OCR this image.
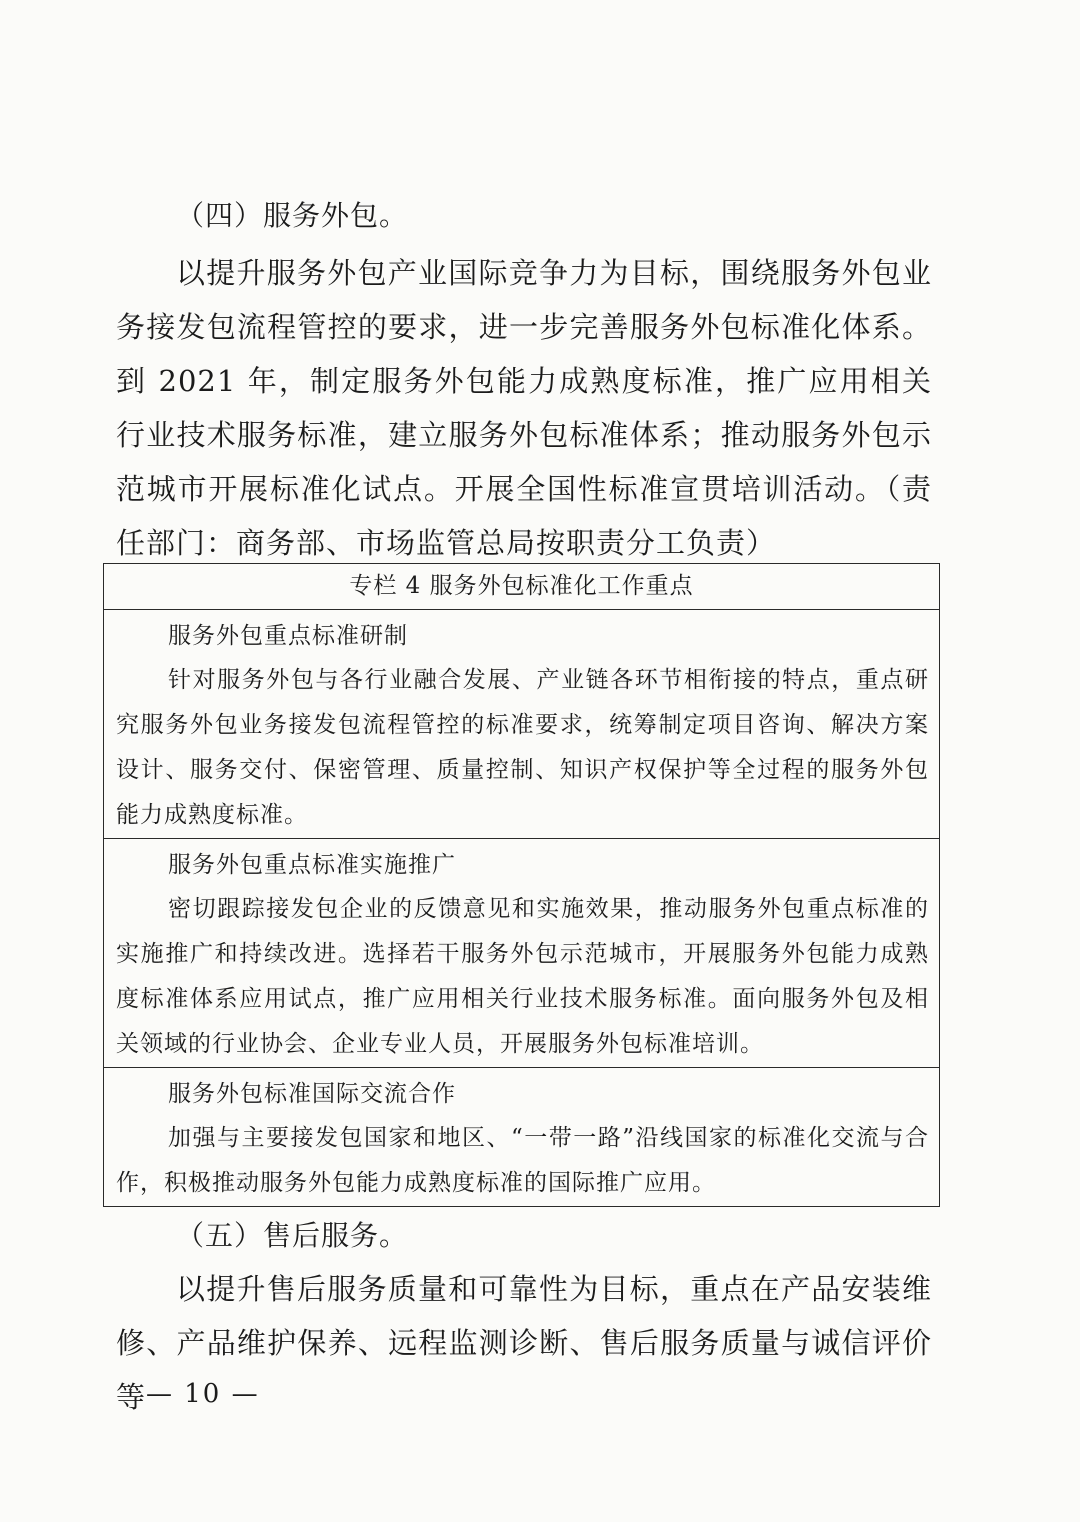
（四）服务外包。

以提升服务外包产业国际竞争力为目标，围绕服务外包业务接发包流程管控的要求，进一步完善服务外包标准化体系。到 2021 年，制定服务外包能力成熟度标准，推广应用相关行业技术服务标准，建立服务外包标准体系；推动服务外包示范城市开展标准化试点。开展全国性标准宣贯培训活动。（责任部门：商务部、市场监管总局按职责分工负责）

专栏 4 服务外包标准化工作重点
服务外包重点标准研制

针对服务外包与各行业融合发展、产业链各环节相衔接的特点，重点研究服务外包业务接发包流程管控的标准要求，统筹制定项目咨询、解决方案设计、服务交付、保密管理、质量控制、知识产权保护等全过程的服务外包能力成熟度标准。

服务外包重点标准实施推广

密切跟踪接发包企业的反馈意见和实施效果，推动服务外包重点标准的实施推广和持续改进。选择若干服务外包示范城市，开展服务外包能力成熟度标准体系应用试点，推广应用相关行业技术服务标准。面向服务外包及相关领域的行业协会、企业专业人员，开展服务外包标准培训。

服务外包标准国际交流合作

加强与主要接发包国家和地区、“一带一路”沿线国家的标准化交流与合作，积极推动服务外包能力成熟度标准的国际推广应用。

（五）售后服务。

以提升售后服务质量和可靠性为目标，重点在产品安装维修、产品维护保养、远程监测诊断、售后服务质量与诚信评价等 — 10 —
